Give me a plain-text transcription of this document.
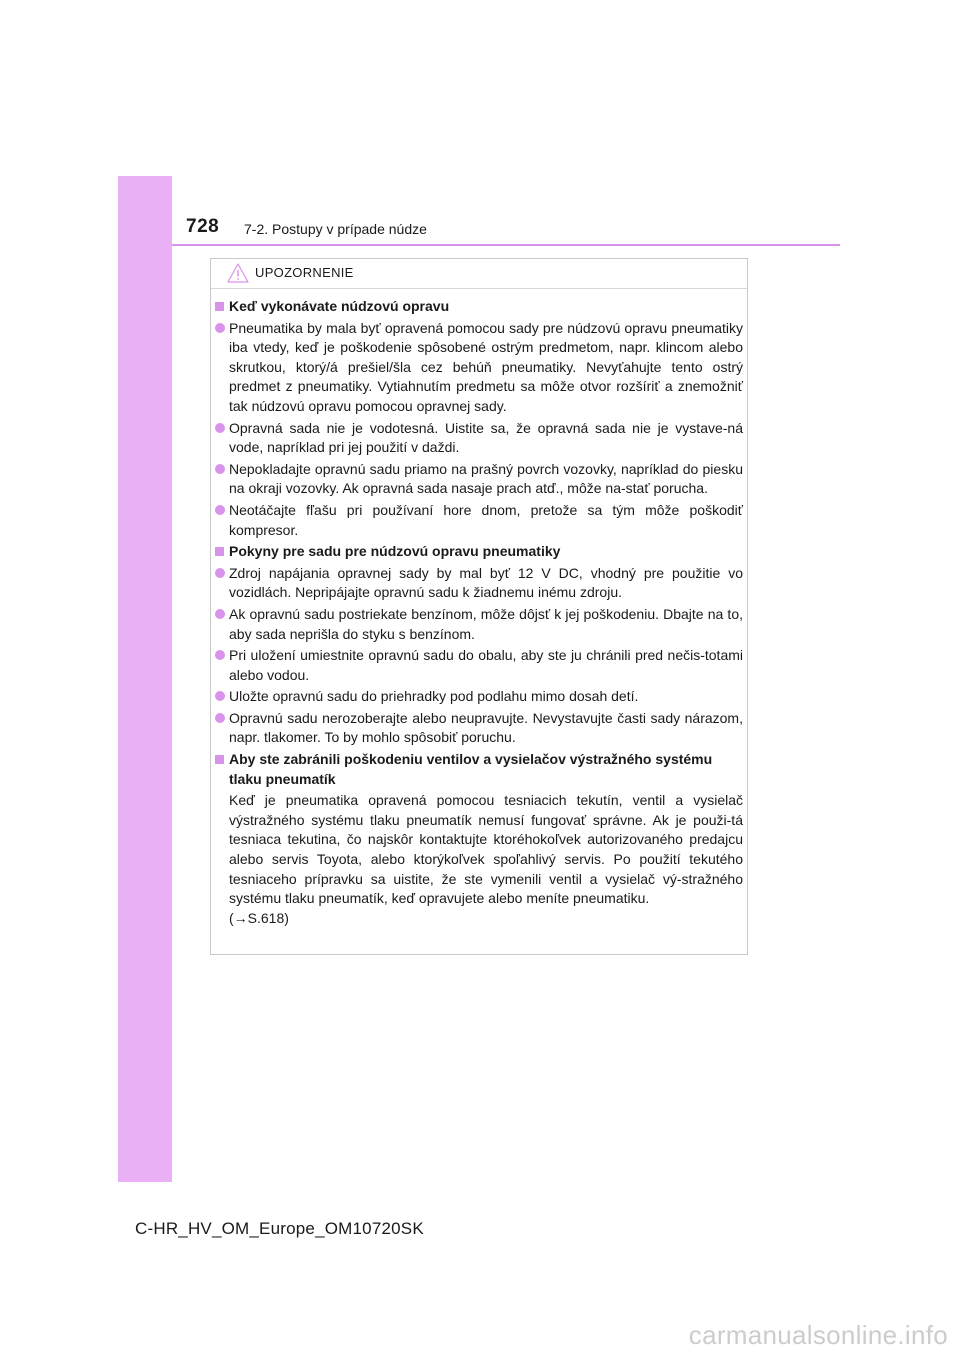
728 7-2. Postupy v prípade núdze
UPOZORNENIE
Keď vykonávate núdzovú opravu
Pneumatika by mala byť opravená pomocou sady pre núdzovú opravu pneumatiky iba vtedy, keď je poškodenie spôsobené ostrým predmetom, napr. klincom alebo skrutkou, ktorý/á prešiel/šla cez behúň pneumatiky. Nevyťahujte tento ostrý predmet z pneumatiky. Vytiahnutím predmetu sa môže otvor rozšíriť a znemožniť tak núdzovú opravu pomocou opravnej sady.
Opravná sada nie je vodotesná. Uistite sa, že opravná sada nie je vystave-ná vode, napríklad pri jej použití v daždi.
Nepokladajte opravnú sadu priamo na prašný povrch vozovky, napríklad do piesku na okraji vozovky. Ak opravná sada nasaje prach atď., môže na-stať porucha.
Neotáčajte fľašu pri používaní hore dnom, pretože sa tým môže poškodiť kompresor.
Pokyny pre sadu pre núdzovú opravu pneumatiky
Zdroj napájania opravnej sady by mal byť 12 V DC, vhodný pre použitie vo vozidlách. Nepripájajte opravnú sadu k žiadnemu inému zdroju.
Ak opravnú sadu postriekate benzínom, môže dôjsť k jej poškodeniu. Dbajte na to, aby sada neprišla do styku s benzínom.
Pri uložení umiestnite opravnú sadu do obalu, aby ste ju chránili pred nečis-totami alebo vodou.
Uložte opravnú sadu do priehradky pod podlahu mimo dosah detí.
Opravnú sadu nerozoberajte alebo neupravujte. Nevystavujte časti sady nárazom, napr. tlakomer. To by mohlo spôsobiť poruchu.
Aby ste zabránili poškodeniu ventilov a vysielačov výstražného systému tlaku pneumatík
Keď je pneumatika opravená pomocou tesniacich tekutín, ventil a vysielač výstražného systému tlaku pneumatík nemusí fungovať správne. Ak je použi-tá tesniaca tekutina, čo najskôr kontaktujte ktoréhokoľvek autorizovaného predajcu alebo servis Toyota, alebo ktorýkoľvek spoľahlivý servis. Po použití tekutého tesniaceho prípravku sa uistite, že ste vymenili ventil a vysielač vý-stražného systému tlaku pneumatík, keď opravujete alebo meníte pneumatiku.
(→S.618)
C-HR_HV_OM_Europe_OM10720SK
carmanualsonline.info
